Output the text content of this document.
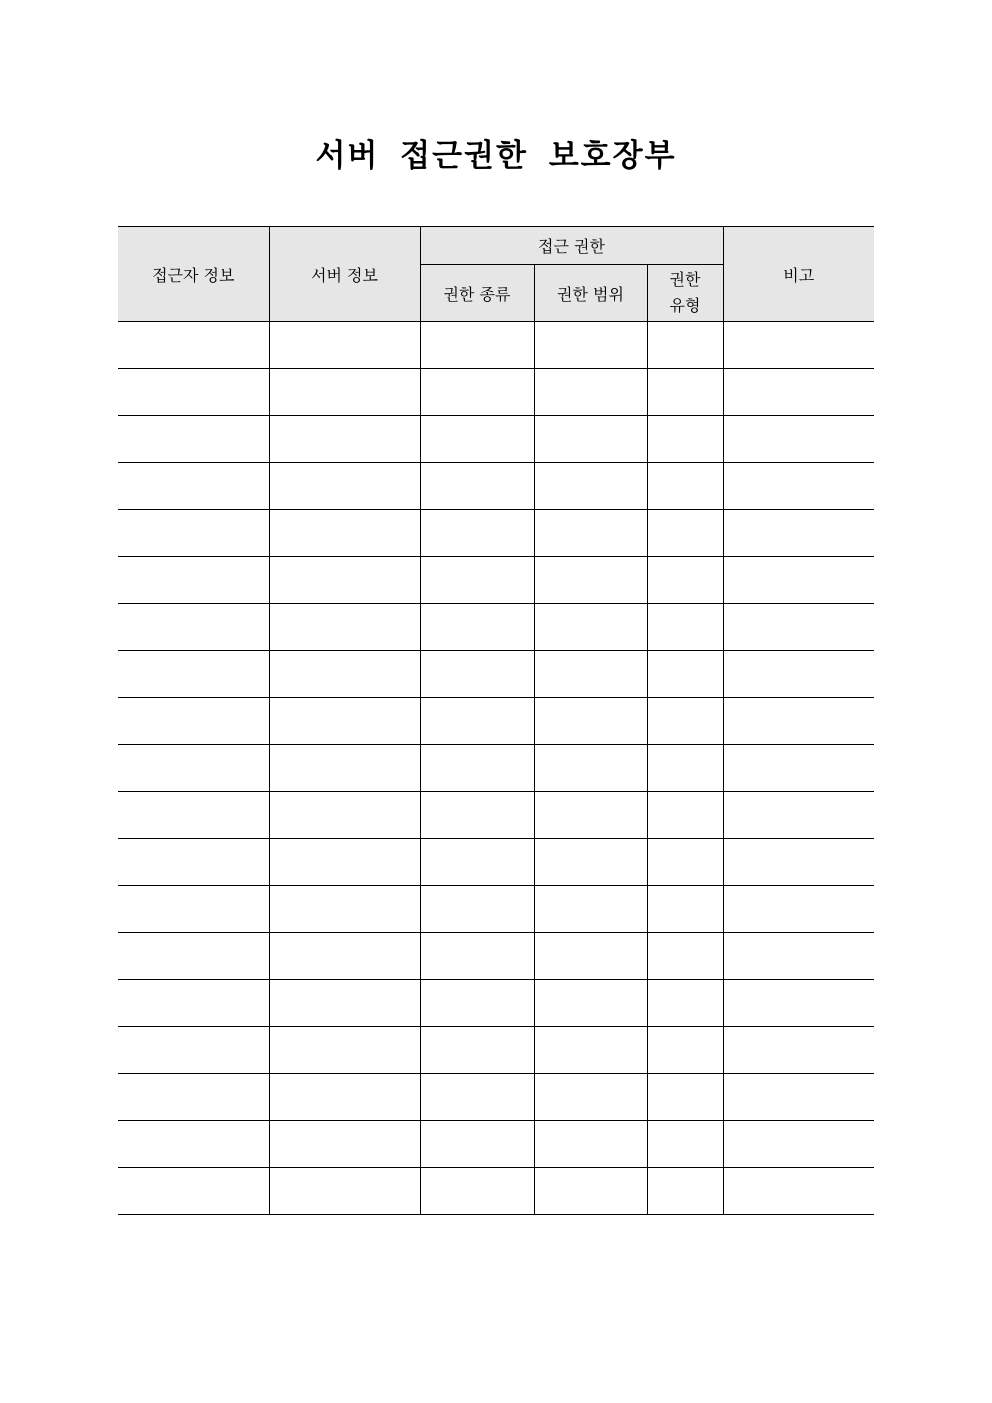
서버 접근권한 보호장부
접근자 정보	서버 정보	접근 권한			비고
		권한 종류	권한 범위	권한 유형	
